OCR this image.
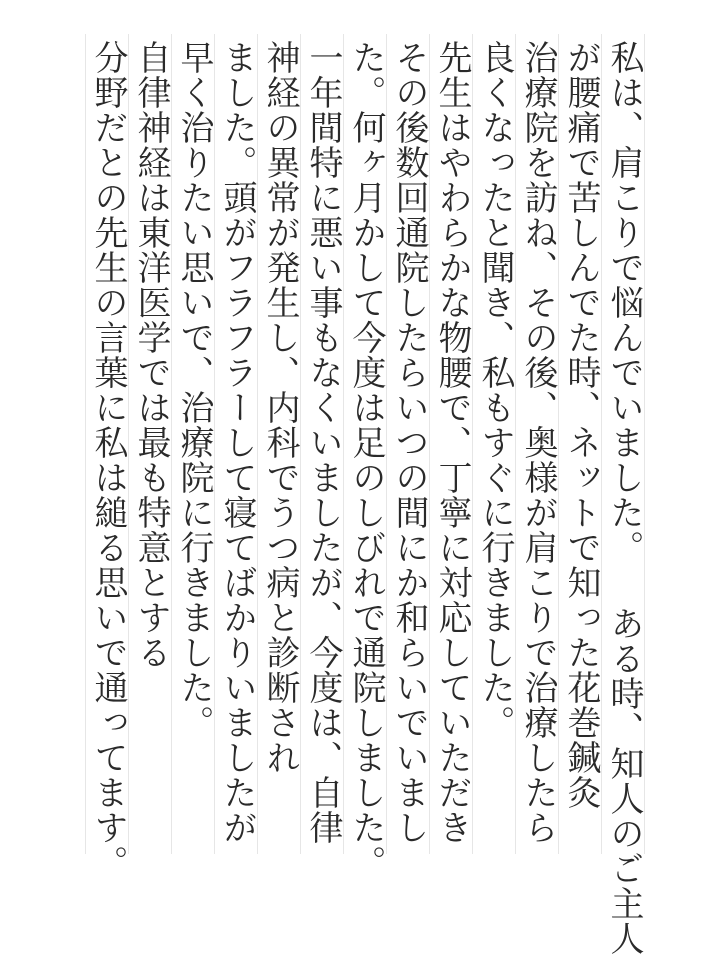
私は、肩こりで悩んでいました。 ある時、知人のご主人
が腰痛で苦しんでた時、ネットで知った花巻鍼灸
治療院を訪ね、その後、奥様が肩こりで治療したら
良くなったと聞き、私もすぐに行きました。
先生はやわらかな物腰で、丁寧に対応していただき
その後数回通院したらいつの間にか和らいでいまし
た。何ヶ月かして今度は足のしびれで通院しました。
一年間特に悪い事もなくいましたが、今度は、自律
神経の異常が発生し、内科でうつ病と診断され
ました。頭がフラフラーして寝てばかりいましたが
早く治りたい思いで、治療院に行きました。
自律神経は東洋医学では最も特意とする
分野だとの先生の言葉に私は縋る思いで通ってます。
